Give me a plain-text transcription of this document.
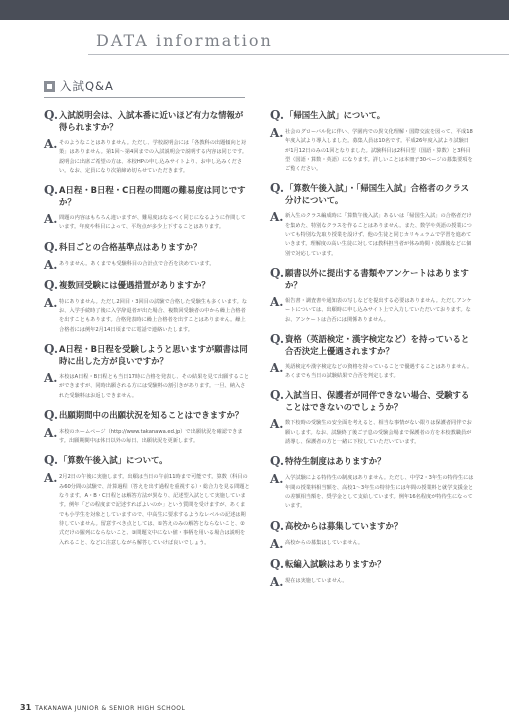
DATA information
入試Q&A
Q. 入試説明会は、入試本番に近いほど有力な情報が得られますか？
A. そのようなことはありません。ただし、学校説明会には「各教科の出題傾向と対策」はありません。第1回〜第4回までの入試説明会で説明する内容は同じです。説明会に出席ご希望の方は、本校HPの申し込みサイトより、お申し込みください。なお、定員になり次第締め切らせていただきます。
Q. A日程・B日程・C日程の問題の難易度は同じですか？
A. 問題の内容はもちろん違いますが、難易度はなるべく同じになるように作問しています。年度や科目によって、平均点が多少上下することはあります。
Q. 科目ごとの合格基準点はありますか？
A. ありません。あくまでも受験科目の合計点で合否を決めています。
Q. 複数回受験には優遇措置がありますか？
A. 特にありません。ただし2回目・3回目の試験で合格した受験生も多くいます。なお、入学手続時了後に入学辞退者が出た場合、複数回受験者の中から繰上合格者を出すこともあります。合格発表時に繰上合格者を出すことはありません。繰上合格者には例年2月14日頃までに電話で連絡いたします。
Q. A日程・B日程を受験しようと思いますが願書は同時に出した方が良いですか？
A. 本校はA日程・B日程とも当日17時に合格を発表し、その結果を見て出願することができますが、同時出願される方には受験料の割引きがあります。一旦、納入された受験料はお返しできません。
Q. 出願期間中の出願状況を知ることはできますか？
A. 本校のホームページ（http://www.takanawa.ed.jp）で出願状況を確認できます。出願期間中は休日以外の毎日、出願状況を更新します。
Q. 「算数午後入試」について。
A. 2月2日の午後に実施します。出願は当日の午前11時まで可能です。算数（科目のみ60分間の試験で、計算過程（答えを出す過程を重視する）・総合力を見る問題となります。A・B・C日程とは解答方法が異なり、記述型入試として実施しています。例年「どの程度まで記述すればよいのか」という質問を受けますが、あくまでも小学生を対象としていますので、中高生に要求するようなレベルの記述は期待していません。留意すべき点としては、①答えのみの解答とならないこと、②式だけの羅列にならないこと、③問題文中にない値・事柄を用いる場合は説明を入れること、などに注意しながら解答していけば良いでしょう。
Q. 「帰国生入試」について。
A. 社会のグローバル化に伴い、学園内での異文化理解・国際交流を図って、平成18年度入試より導入しました。募集人員は10名です。平成26年度入試より試験日が1月12日のみの1回となりました。試験科目は2科目型（国語・算数）と3科目型（国語・算数・英語）になります。詳しいことは本冊子30ページの募集要項をご覧ください。
Q. 「算数午後入試」・「帰国生入試」合格者のクラス分けについて。
A. 新入生のクラス編成時に「算数午後入試」あるいは「帰国生入試」の合格者だけを集めた、特別なクラスを作ることはありません。また、数学や英語の授業についても特別な先取り授業を設けず、他の生徒と同じカリキュラムで学習を進めていきます。理解度の高い生徒に対しては教科担当者が休み時間・放課後などに個別で対応しています。
Q. 願書以外に提出する書類やアンケートはありますか？
A. 報告書・調査書や通知表の写しなどを提出する必要はありません。ただしアンケートについては、出願時に申し込みサイト上で入力していただいております。なお、アンケートは合否には関係ありません。
Q. 資格（英語検定・漢字検定など）を持っていると合否決定上優遇されますか？
A. 英語検定や漢字検定などの資格を持っていることで優遇することはありません。あくまでも当日の試験結果で合否を判定します。
Q. 入試当日、保護者が同伴できない場合、受験することはできないのでしょうか？
A. 数下校時の受験生の安全面を考えると、相当な事情がない限りは保護者同伴でお願いします。なお、試験終了後ご子息の受験会場まで保護者の方を本校教職員が誘導し、保護者の方と一緒に下校していただいています。
Q. 特待生制度はありますか？
A. 入学試験による特待生の制度はありません。ただし、中学2・3年生の特待生には年間の授業料相当額を、高校1〜3年生の特待生には年間の授業料と就学支援金との差額相当額を、奨学金として支給しています。例年16名程度が特待生になっています。
Q. 高校からは募集していますか？
A. 高校からの募集はしていません。
Q. 転編入試験はありますか？
A. 現在は実施していません。
31 TAKANAWA JUNIOR & SENIOR HIGH SCHOOL
